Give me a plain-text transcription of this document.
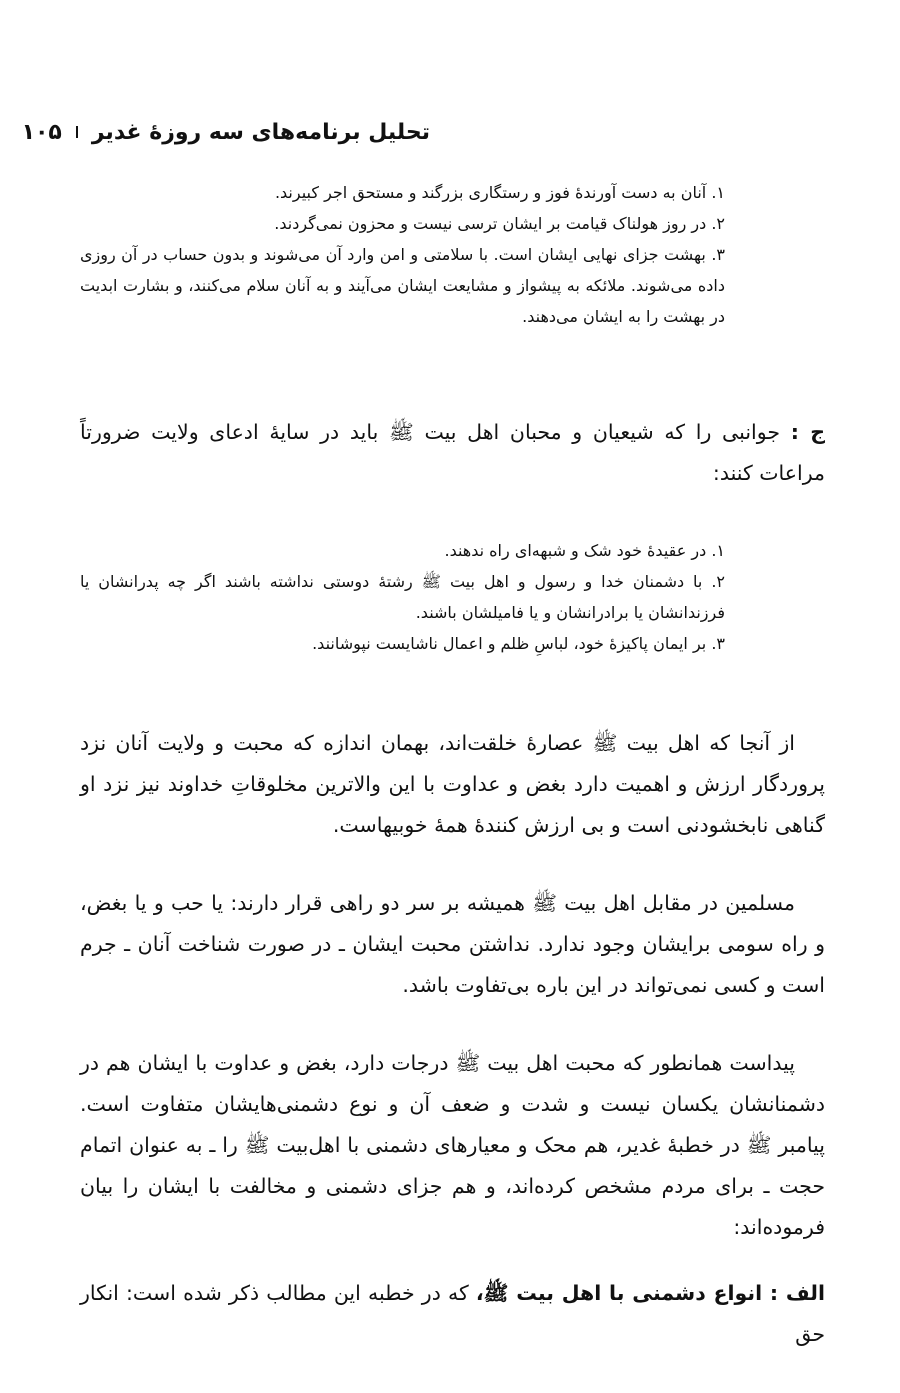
تحلیل برنامه‌های سه روزهٔ غدیر
۱۰۵
۱. آنان به دست آورندهٔ فوز و رستگاری بزرگند و مستحق اجر کبیرند.
۲. در روز هولناک قیامت بر ایشان ترسی نیست و محزون نمی‌گردند.
۳. بهشت جزای نهایی ایشان است. با سلامتی و امن وارد آن می‌شوند و بدون حساب در آن روزی داده می‌شوند. ملائکه به پیشواز و مشایعت ایشان می‌آیند و به آنان سلام می‌کنند، و بشارت ابدیت در بهشت را به ایشان می‌دهند.
ج : جوانبی را که شیعیان و محبان اهل بیت ﷺ باید در سایهٔ ادعای ولایت ضرورتاً مراعات کنند:
۱. در عقیدهٔ خود شک و شبهه‌ای راه ندهند.
۲. با دشمنان خدا و رسول و اهل بیت ﷺ رشتهٔ دوستی نداشته باشند اگر چه پدرانشان یا فرزندانشان یا برادرانشان و یا فامیلشان باشند.
۳. بر ایمان پاکیزهٔ خود، لباسِ ظلم و اعمال ناشایست نپوشانند.
از آنجا که اهل بیت ﷺ عصارهٔ خلقت‌اند، بهمان اندازه که محبت و ولایت آنان نزد پروردگار ارزش و اهمیت دارد بغض و عداوت با این والاترین مخلوقاتِ خداوند نیز نزد او گناهی نابخشودنی است و بی ارزش کنندهٔ همهٔ خوبیهاست.
مسلمین در مقابل اهل بیت ﷺ همیشه بر سر دو راهی قرار دارند: یا حب و یا بغض، و راه سومی برایشان وجود ندارد. نداشتن محبت ایشان ـ در صورت شناخت آنان ـ جرم است و کسی نمی‌تواند در این باره بی‌تفاوت باشد.
پیداست همانطور که محبت اهل بیت ﷺ درجات دارد، بغض و عداوت با ایشان هم در دشمنانشان یکسان نیست و شدت و ضعف آن و نوع دشمنی‌هایشان متفاوت است. پیامبر ﷺ در خطبهٔ غدیر، هم محک و معیارهای دشمنی با اهل‌بیت ﷺ را ـ به عنوان اتمام حجت ـ برای مردم مشخص کرده‌اند، و هم جزای دشمنی و مخالفت با ایشان را بیان فرموده‌اند:
الف : انواع دشمنی با اهل بیت ﷺ، که در خطبه این مطالب ذکر شده است: انکار حق
